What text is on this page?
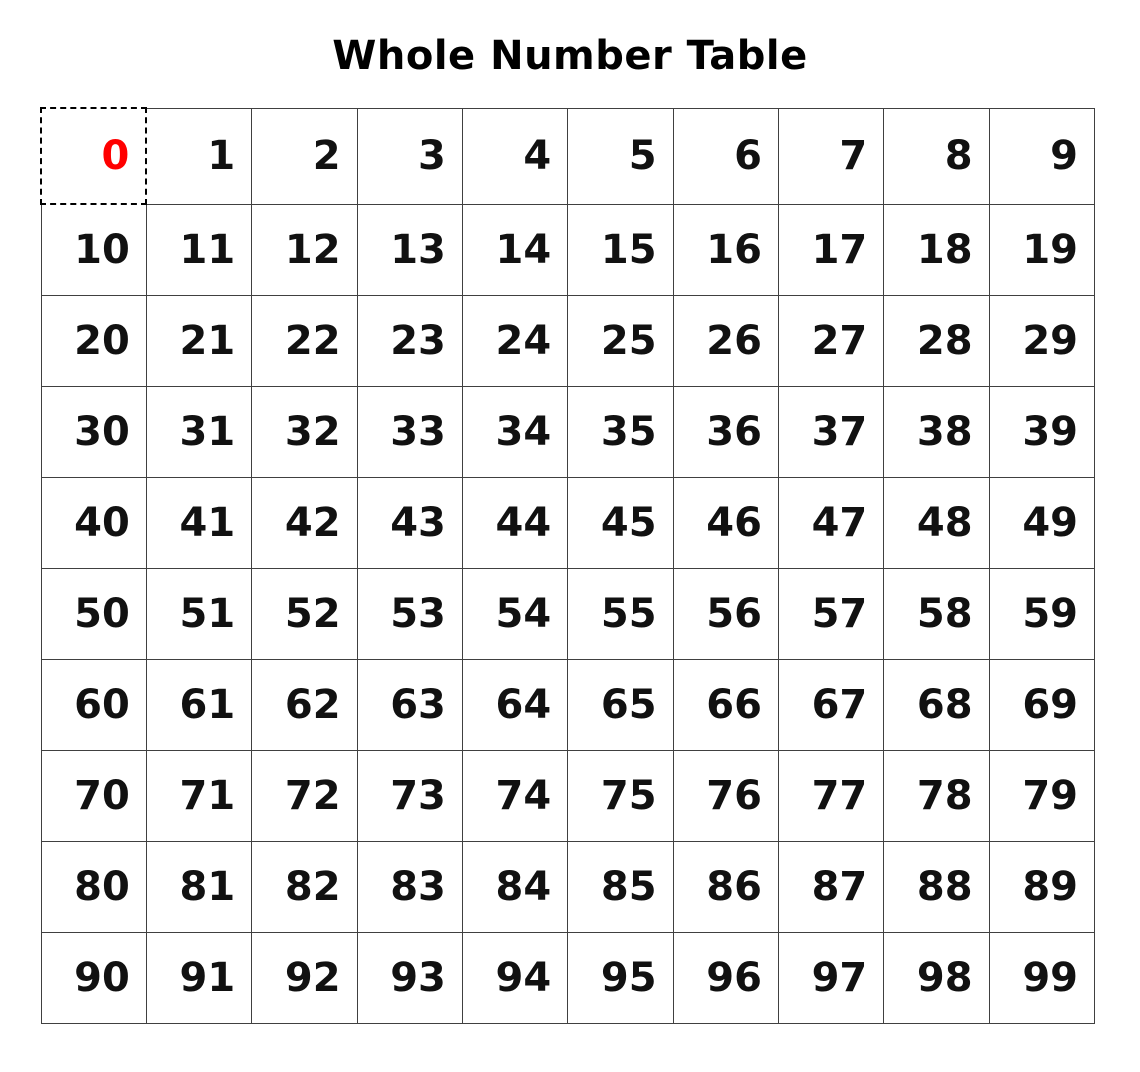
Whole Number Table
0	1	2	3	4	5	6	7	8	9
10	11	12	13	14	15	16	17	18	19
20	21	22	23	24	25	26	27	28	29
30	31	32	33	34	35	36	37	38	39
40	41	42	43	44	45	46	47	48	49
50	51	52	53	54	55	56	57	58	59
60	61	62	63	64	65	66	67	68	69
70	71	72	73	74	75	76	77	78	79
80	81	82	83	84	85	86	87	88	89
90	91	92	93	94	95	96	97	98	99
